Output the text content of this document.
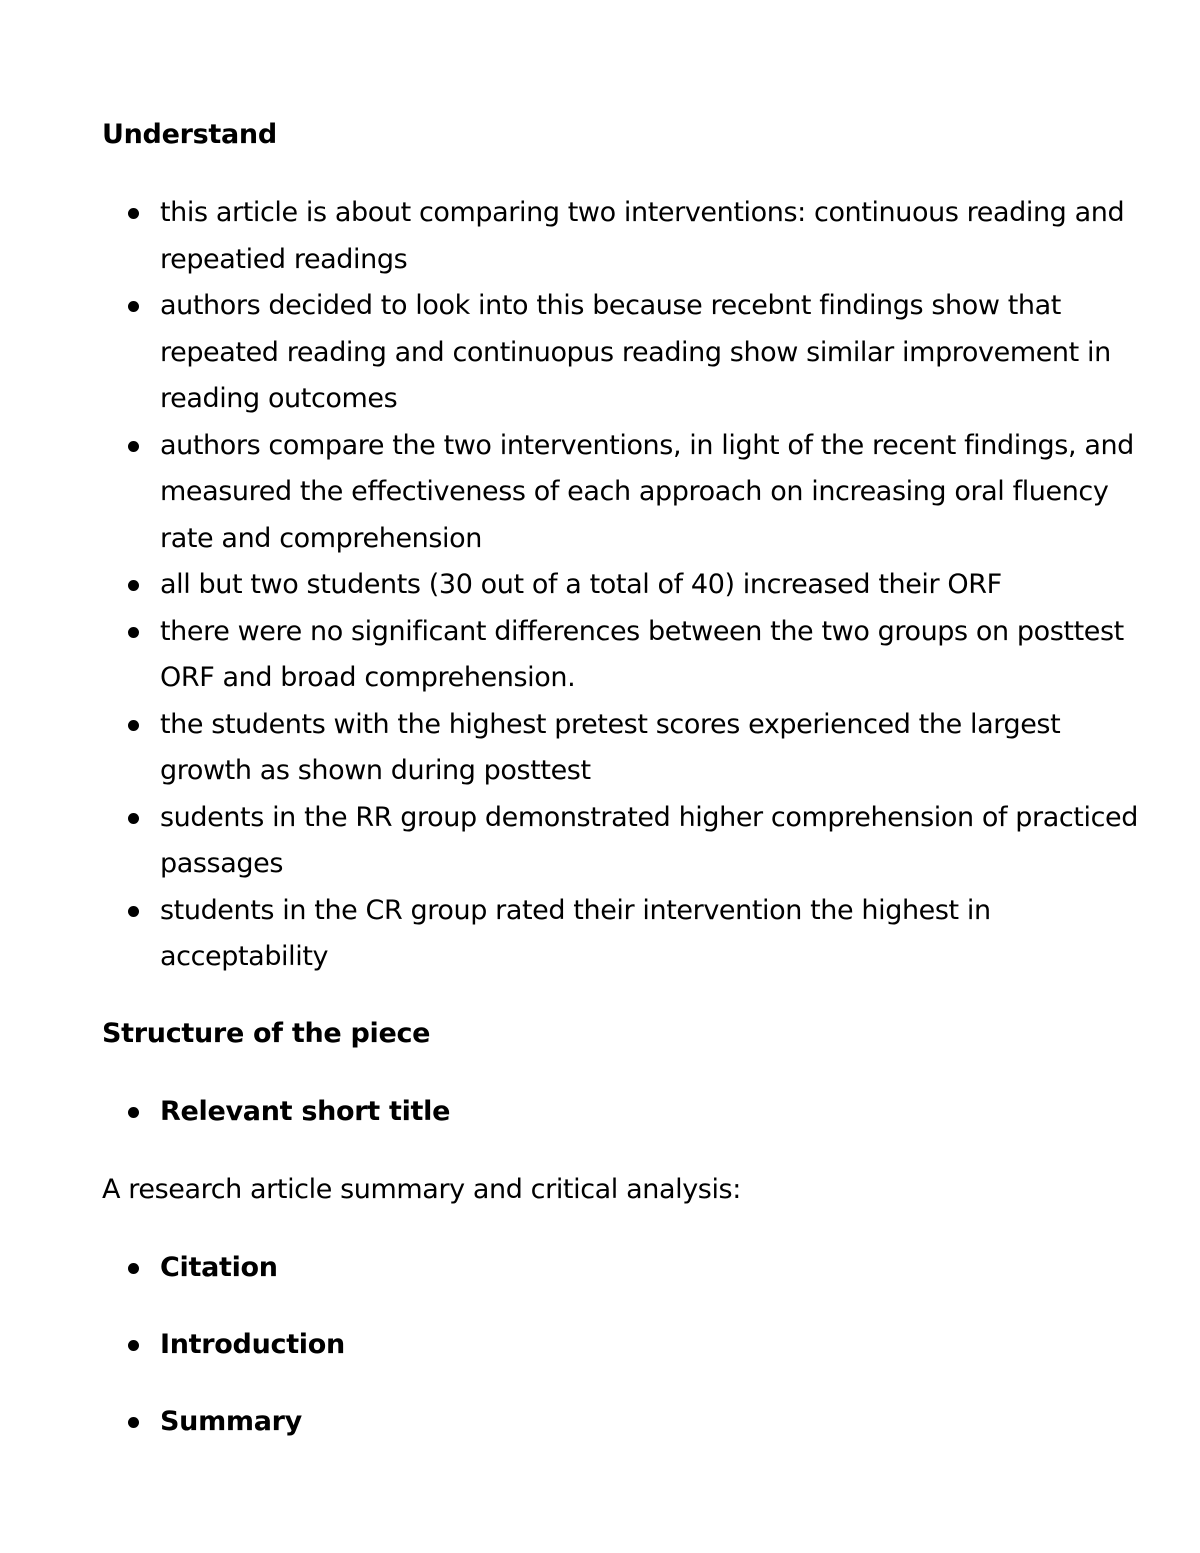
Understand
this article is about comparing two interventions: continuous reading and repeatied readings
authors decided to look into this because recebnt findings show that repeated reading and continuopus reading show similar improvement in reading outcomes
authors compare the two interventions, in light of the recent findings, and measured the effectiveness of each approach on increasing oral fluency rate and comprehension
all but two students (30 out of a total of 40) increased their ORF
there were no significant differences between the two groups on posttest ORF and broad comprehension.
the students with the highest pretest scores experienced the largest growth as shown during posttest
sudents in the RR group demonstrated higher comprehension of practiced passages
students in the CR group rated their intervention the highest in acceptability
Structure of the piece
Relevant short title

A research article summary and critical analysis:

Citation
Introduction
Summary
